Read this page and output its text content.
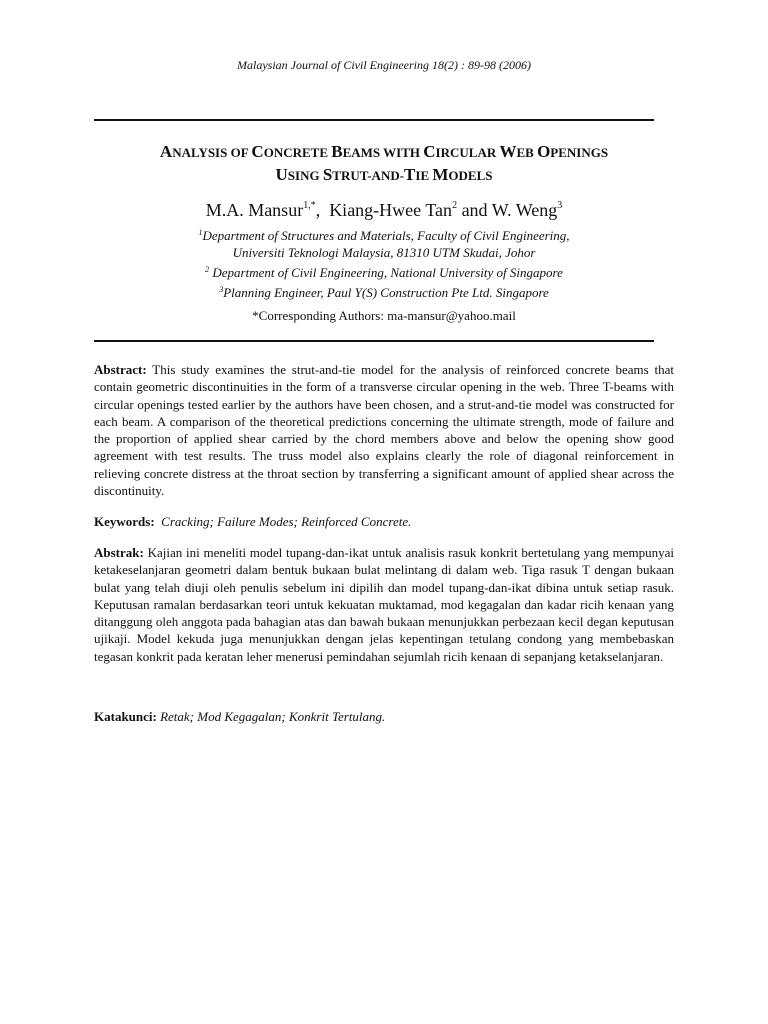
Malaysian Journal of Civil Engineering 18(2) : 89-98 (2006)
ANALYSIS OF CONCRETE BEAMS WITH CIRCULAR WEB OPENINGS
USING STRUT-AND-TIE MODELS
M.A. Mansur$^{1,*}$,  Kiang-Hwee Tan$^2$ and W. Weng$^3$
$^1$Department of Structures and Materials, Faculty of Civil Engineering,
Universiti Teknologi Malaysia, 81310 UTM Skudai, Johor
$^2$ Department of Civil Engineering, National University of Singapore
$^3$Planning Engineer, Paul Y(S) Construction Pte Ltd. Singapore
*Corresponding Authors: ma-mansur@yahoo.mail
Abstract: This study examines the strut-and-tie model for the analysis of reinforced concrete beams that contain geometric discontinuities in the form of a transverse circular opening in the web. Three T-beams with circular openings tested earlier by the authors have been chosen, and a strut-and-tie model was constructed for each beam. A comparison of the theoretical predictions concerning the ultimate strength, mode of failure and the proportion of applied shear carried by the chord members above and below the opening show good agreement with test results. The truss model also explains clearly the role of diagonal reinforcement in relieving concrete distress at the throat section by transferring a significant amount of applied shear across the discontinuity.
Keywords:  Cracking; Failure Modes; Reinforced Concrete.
Abstrak: Kajian ini meneliti model tupang-dan-ikat untuk analisis rasuk konkrit bertetulang yang mempunyai ketakeselanjaran geometri dalam bentuk bukaan bulat melintang di dalam web. Tiga rasuk T dengan bukaan bulat yang telah diuji oleh penulis sebelum ini dipilih dan model tupang-dan-ikat dibina untuk setiap rasuk. Keputusan ramalan berdasarkan teori untuk kekuatan muktamad, mod kegagalan dan kadar ricih kenaan yang ditanggung oleh anggota pada bahagian atas dan bawah bukaan menunjukkan perbezaan kecil degan keputusan ujikaji. Model kekuda juga menunjukkan dengan jelas kepentingan tetulang condong yang membebaskan tegasan konkrit pada keratan leher menerusi pemindahan sejumlah ricih kenaan di sepanjang ketakselanjaran.
Katakunci: Retak; Mod Kegagalan; Konkrit Tertulang.
